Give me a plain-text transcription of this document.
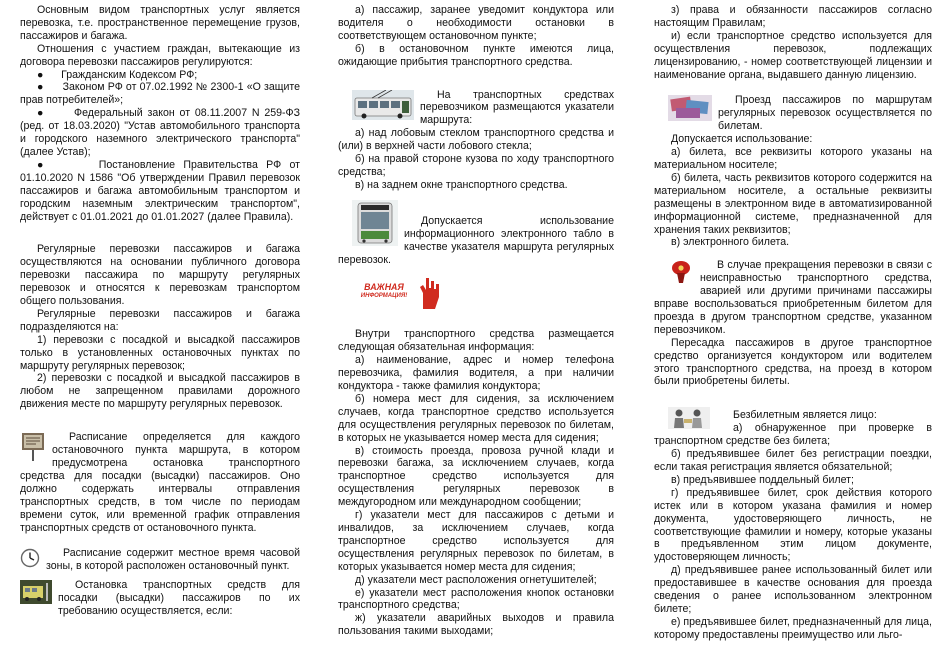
Основным видом транспортных услуг является перевозка, т.е. пространственное перемещение грузов, пассажиров и багажа.

Отношения с участием граждан, вытекающие из договора перевозки пассажиров регулируются:

●      Гражданским Кодексом РФ;

●      Законом РФ от 07.02.1992 № 2300-1 «О защите прав потребителей»;

●      Федеральный закон от 08.11.2007 N 259-ФЗ (ред. от 18.03.2020) "Устав автомобильного транспорта и городского наземного электрического транспорта" (далее Устав);

●      Постановление Правительства РФ от 01.10.2020 N 1586 "Об утверждении Правил перевозок пассажиров и багажа автомобильным транспортом и городским наземным электрическим транспортом", действует с 01.01.2021 до 01.01.2027 (далее Правила).

Регулярные перевозки пассажиров и багажа осуществляются на основании публичного договора перевозки пассажира по маршруту регулярных перевозок и относятся к перевозкам транспортом общего пользования.

Регулярные перевозки пассажиров и багажа подразделяются на:

1) перевозки с посадкой и высадкой пассажиров только в установленных остановочных пунктах по маршруту регулярных перевозок;

2) перевозки с посадкой и высадкой пассажиров в любом не запрещенном правилами дорожного движения месте по маршруту регулярных перевозок.

Расписание определяется для каждого остановочного пункта маршрута, в котором предусмотрена остановка транспортного средства для посадки (высадки) пассажиров. Оно должно содержать интервалы отправления транспортных средств, в том числе по периодам времени суток, или временной график отправления транспортных средств от остановочного пункта.

Расписание содержит местное время часовой зоны, в которой расположен остановочный пункт.

Остановка транспортных средств для посадки (высадки) пассажиров по их требованию осуществляется, если:

а) пассажир, заранее уведомит кондуктора или водителя о необходимости остановки в соответствующем остановочном пункте;

б) в остановочном пункте имеются лица, ожидающие прибытия транспортного средства.

На транспортных средствах перевозчиком размещаются указатели маршрута:

а) над лобовым стеклом транспортного средства и (или) в верхней части лобового стекла;

б) на правой стороне кузова по ходу транспортного средства;

в) на заднем окне транспортного средства.

Допускается использование информационного электронного табло в качестве указателя маршрута регулярных перевозок.

ВАЖНАЯ
ИНФОРМАЦИЯ!

Внутри транспортного средства размещается следующая обязательная информация:

а) наименование, адрес и номер телефона перевозчика, фамилия водителя, а при наличии кондуктора - также фамилия кондуктора;

б) номера мест для сидения, за исключением случаев, когда транспортное средство используется для осуществления регулярных перевозок по билетам, в которых не указывается номер места для сидения;

в) стоимость проезда, провоза ручной клади и перевозки багажа, за исключением случаев, когда транспортное средство используется для осуществления регулярных перевозок в междугородном или международном сообщении;

г) указатели мест для пассажиров с детьми и инвалидов, за исключением случаев, когда транспортное средство используется для осуществления регулярных перевозок по билетам, в которых указывается номер места для сидения;

д) указатели мест расположения огнетушителей;

е) указатели мест расположения кнопок остановки транспортного средства;

ж) указатели аварийных выходов и правила пользования такими выходами;

з) права и обязанности пассажиров согласно настоящим Правилам;

и) если транспортное средство используется для осуществления перевозок, подлежащих лицензированию, - номер соответствующей лицензии и наименование органа, выдавшего данную лицензию.

Проезд пассажиров по маршрутам регулярных перевозок осуществляется по билетам.

Допускается использование:

а) билета, все реквизиты которого указаны на материальном носителе;

б) билета, часть реквизитов которого содержится на материальном носителе, а остальные реквизиты размещены в электронном виде в автоматизированной информационной системе, предназначенной для хранения таких реквизитов;

в) электронного билета.

В случае прекращения перевозки в связи с неисправностью транспортного средства, аварией или другими причинами пассажиры вправе воспользоваться приобретенным билетом для проезда в другом транспортном средстве, указанном перевозчиком.

Пересадка пассажиров в другое транспортное средство организуется кондуктором или водителем этого транспортного средства, на проезд в котором были приобретены билеты.

Безбилетным является лицо:

а) обнаруженное при проверке в транспортном средстве без билета;

б) предъявившее билет без регистрации поездки, если такая регистрация является обязательной;

в) предъявившее поддельный билет;

г) предъявившее билет, срок действия которого истек или в котором указана фамилия и номер документа, удостоверяющего личность, не соответствующие фамилии и номеру, которые указаны в предъявленном этим лицом документе, удостоверяющем личность;

д) предъявившее ранее использованный билет или предоставившее в качестве основания для проезда сведения о ранее использованном электронном билете;

е) предъявившее билет, предназначенный для лица, которому предоставлены преимущество или льго-
